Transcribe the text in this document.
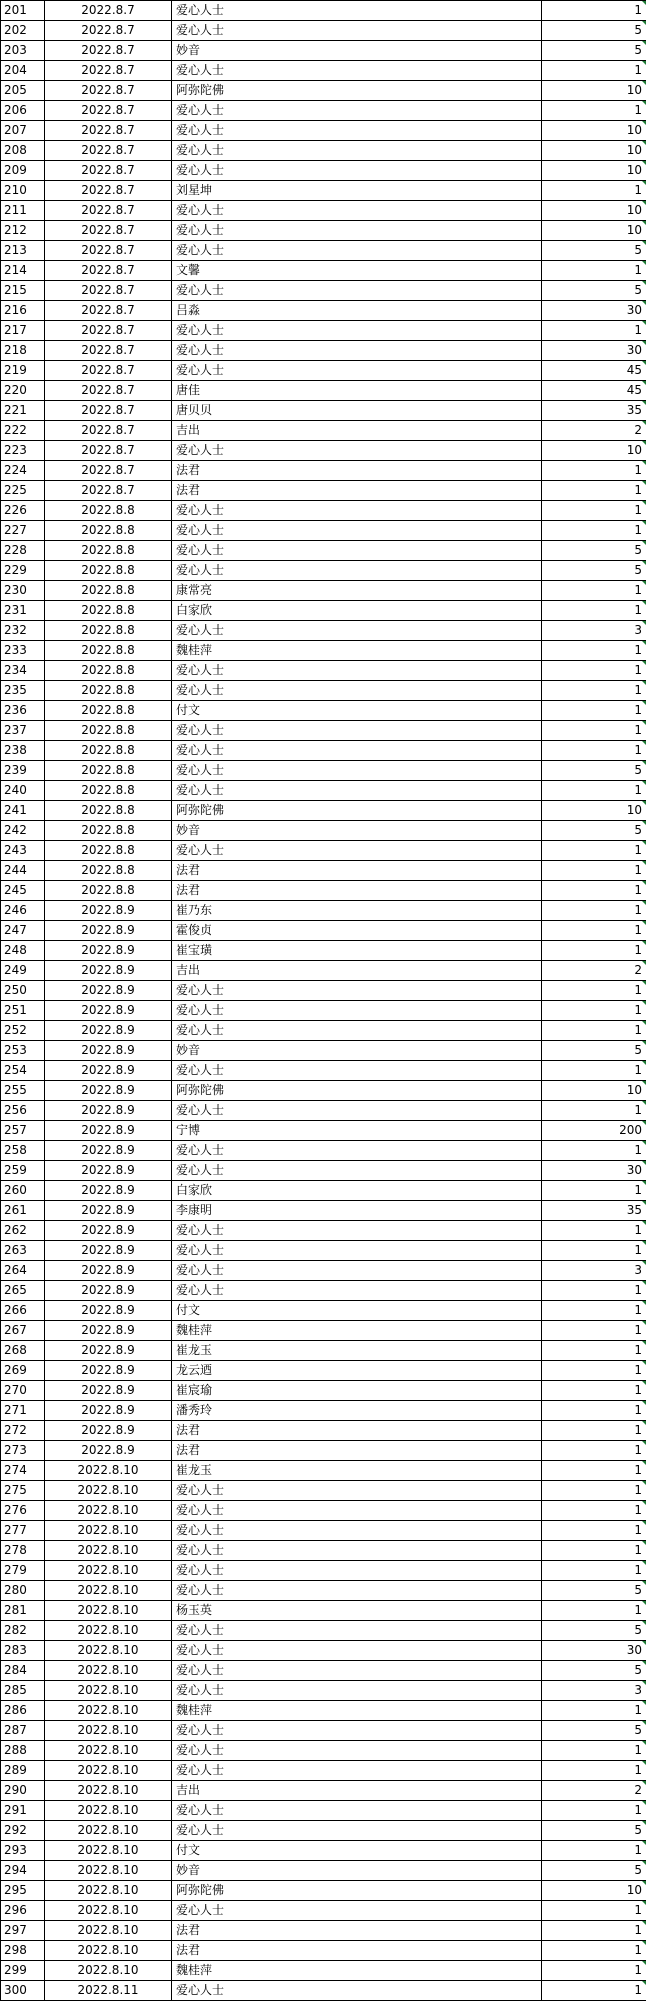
201	2022.8.7	爱心人士	1	
202	2022.8.7	爱心人士	5	
203	2022.8.7	妙音	5	
204	2022.8.7	爱心人士	1	
205	2022.8.7	阿弥陀佛	10	
206	2022.8.7	爱心人士	1	
207	2022.8.7	爱心人士	10	
208	2022.8.7	爱心人士	10	
209	2022.8.7	爱心人士	10	
210	2022.8.7	刘星坤	1	
211	2022.8.7	爱心人士	10	
212	2022.8.7	爱心人士	10	
213	2022.8.7	爱心人士	5	
214	2022.8.7	文馨	1	
215	2022.8.7	爱心人士	5	
216	2022.8.7	吕淼	30	
217	2022.8.7	爱心人士	1	
218	2022.8.7	爱心人士	30	
219	2022.8.7	爱心人士	45	
220	2022.8.7	唐佳	45	
221	2022.8.7	唐贝贝	35	
222	2022.8.7	吉出	2	
223	2022.8.7	爱心人士	10	
224	2022.8.7	法君	1	
225	2022.8.7	法君	1	
226	2022.8.8	爱心人士	1	
227	2022.8.8	爱心人士	1	
228	2022.8.8	爱心人士	5	
229	2022.8.8	爱心人士	5	
230	2022.8.8	康常亮	1	
231	2022.8.8	白家欣	1	
232	2022.8.8	爱心人士	3	
233	2022.8.8	魏桂萍	1	
234	2022.8.8	爱心人士	1	
235	2022.8.8	爱心人士	1	
236	2022.8.8	付文	1	
237	2022.8.8	爱心人士	1	
238	2022.8.8	爱心人士	1	
239	2022.8.8	爱心人士	5	
240	2022.8.8	爱心人士	1	
241	2022.8.8	阿弥陀佛	10	
242	2022.8.8	妙音	5	
243	2022.8.8	爱心人士	1	
244	2022.8.8	法君	1	
245	2022.8.8	法君	1	
246	2022.8.9	崔乃东	1	
247	2022.8.9	霍俊贞	1	
248	2022.8.9	崔宝璜	1	
249	2022.8.9	吉出	2	
250	2022.8.9	爱心人士	1	
251	2022.8.9	爱心人士	1	
252	2022.8.9	爱心人士	1	
253	2022.8.9	妙音	5	
254	2022.8.9	爱心人士	1	
255	2022.8.9	阿弥陀佛	10	
256	2022.8.9	爱心人士	1	
257	2022.8.9	宁博	200	
258	2022.8.9	爱心人士	1	
259	2022.8.9	爱心人士	30	
260	2022.8.9	白家欣	1	
261	2022.8.9	李康明	35	
262	2022.8.9	爱心人士	1	
263	2022.8.9	爱心人士	1	
264	2022.8.9	爱心人士	3	
265	2022.8.9	爱心人士	1	
266	2022.8.9	付文	1	
267	2022.8.9	魏桂萍	1	
268	2022.8.9	崔龙玉	1	
269	2022.8.9	龙云迺	1	
270	2022.8.9	崔宸瑜	1	
271	2022.8.9	潘秀玲	1	
272	2022.8.9	法君	1	
273	2022.8.9	法君	1	
274	2022.8.10	崔龙玉	1	
275	2022.8.10	爱心人士	1	
276	2022.8.10	爱心人士	1	
277	2022.8.10	爱心人士	1	
278	2022.8.10	爱心人士	1	
279	2022.8.10	爱心人士	1	
280	2022.8.10	爱心人士	5	
281	2022.8.10	杨玉英	1	
282	2022.8.10	爱心人士	5	
283	2022.8.10	爱心人士	30	
284	2022.8.10	爱心人士	5	
285	2022.8.10	爱心人士	3	
286	2022.8.10	魏桂萍	1	
287	2022.8.10	爱心人士	5	
288	2022.8.10	爱心人士	1	
289	2022.8.10	爱心人士	1	
290	2022.8.10	吉出	2	
291	2022.8.10	爱心人士	1	
292	2022.8.10	爱心人士	5	
293	2022.8.10	付文	1	
294	2022.8.10	妙音	5	
295	2022.8.10	阿弥陀佛	10	
296	2022.8.10	爱心人士	1	
297	2022.8.10	法君	1	
298	2022.8.10	法君	1	
299	2022.8.10	魏桂萍	1	
300	2022.8.11	爱心人士	1	
